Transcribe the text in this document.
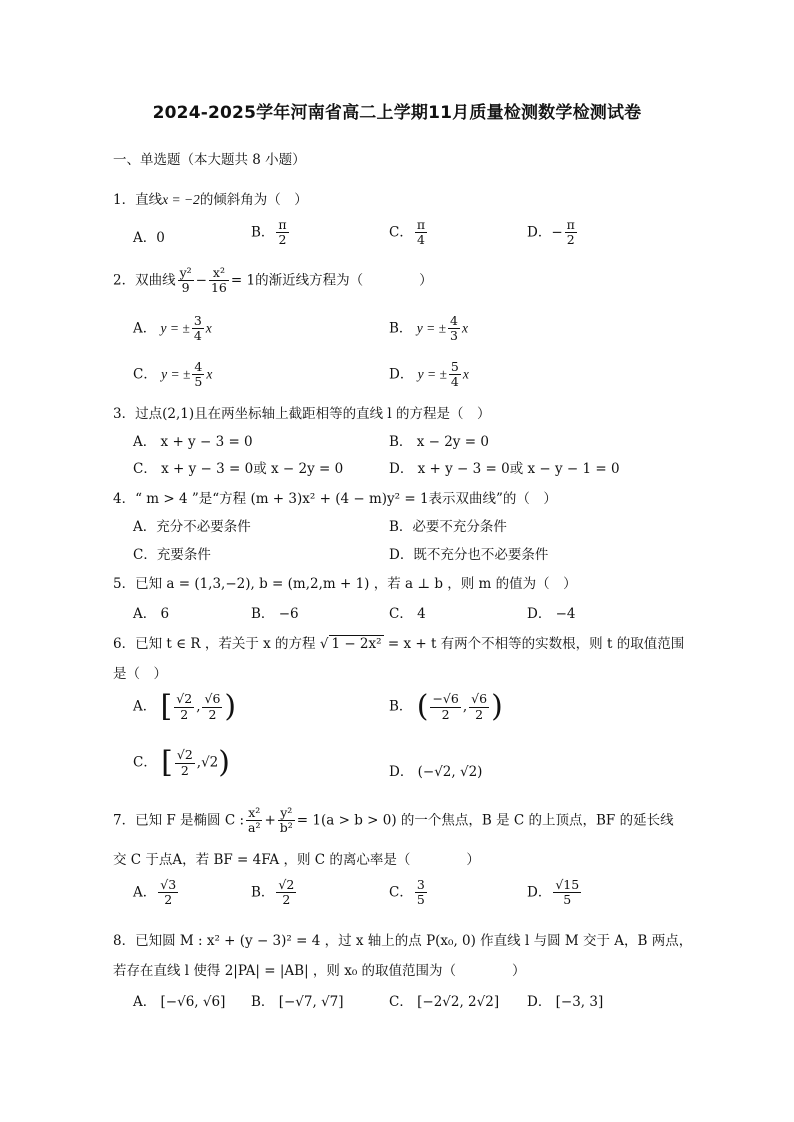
2024-2025学年河南省高二上学期11月质量检测数学检测试卷
一、单选题（本大题共 8 小题）
1．直线x = −2的倾斜角为（　）
A．0	B． $\frac{\pi}{2}$	C． $\frac{\pi}{4}$	D．− $\frac{\pi}{2}$
2．双曲线 $\frac{\text{y²}}{9} - \frac{\text{x²}}{16} = 1$的渐近线方程为（	）
A． y = ± $\frac{3}{4}$ x	B． y = ± $\frac{4}{3}$ x
C． y = ± $\frac{4}{5}$ x	D． y = ± $\frac{5}{4}$ x
3．过点(2,1)且在两坐标轴上截距相等的直线 l 的方程是（　）
A． x + y − 3 = 0	B． x − 2y = 0
C． x + y − 3 = 0或 x − 2y = 0	D． x + y − 3 = 0或 x − y − 1 = 0
4．“ m > 4 ”是“方程 (m + 3)x² + (4 − m)y² = 1表示双曲线”的（　）
A．充分不必要条件	B．必要不充分条件
C．充要条件	D．既不充分也不必要条件
5．已知 a = (1,3,−2), b = (m,2,m + 1) ，若 a ⊥ b ，则 m 的值为（　）
A． 6	B． −6	C． 4	D． −4
6．已知 t ∈ R ，若关于 x 的方程 √ 1 − 2x² = x + t 有两个不相等的实数根，则 t 的取值范围
是（　）
A． [ $\frac{√2}{2}$ , $\frac{√6}{2}$ )	B． ( $\frac{-√6}{2}$ , $\frac{√6}{2}$ )
C． [ $\frac{√2}{2} ,√2$)	D． (−√2, √2)
7．已知 F 是椭圆 C : $\frac{\text{x²}}{\text{a²}} + \frac{\text{y²}}{\text{b²}} = 1(a > b > 0)$ 的一个焦点，B 是 C 的上顶点，BF 的延长线
交 C 于点A，若 BF = 4FA ，则 C 的离心率是（	）
A． $\frac{√3}{2}$	B． $\frac{√2}{2}$	C． $\frac{3}{5}$	D． $\frac{√15}{5}$
8．已知圆 M : x² + (y − 3)² = 4 ，过 x 轴上的点 P(x₀, 0) 作直线 l 与圆 M 交于 A，B 两点，
若存在直线 l 使得 2|PA| = |AB| ，则 x₀ 的取值范围为（	）
A． [−√6, √6] B． [−√7, √7]	C． [−2√2, 2√2] D． [−3, 3]
